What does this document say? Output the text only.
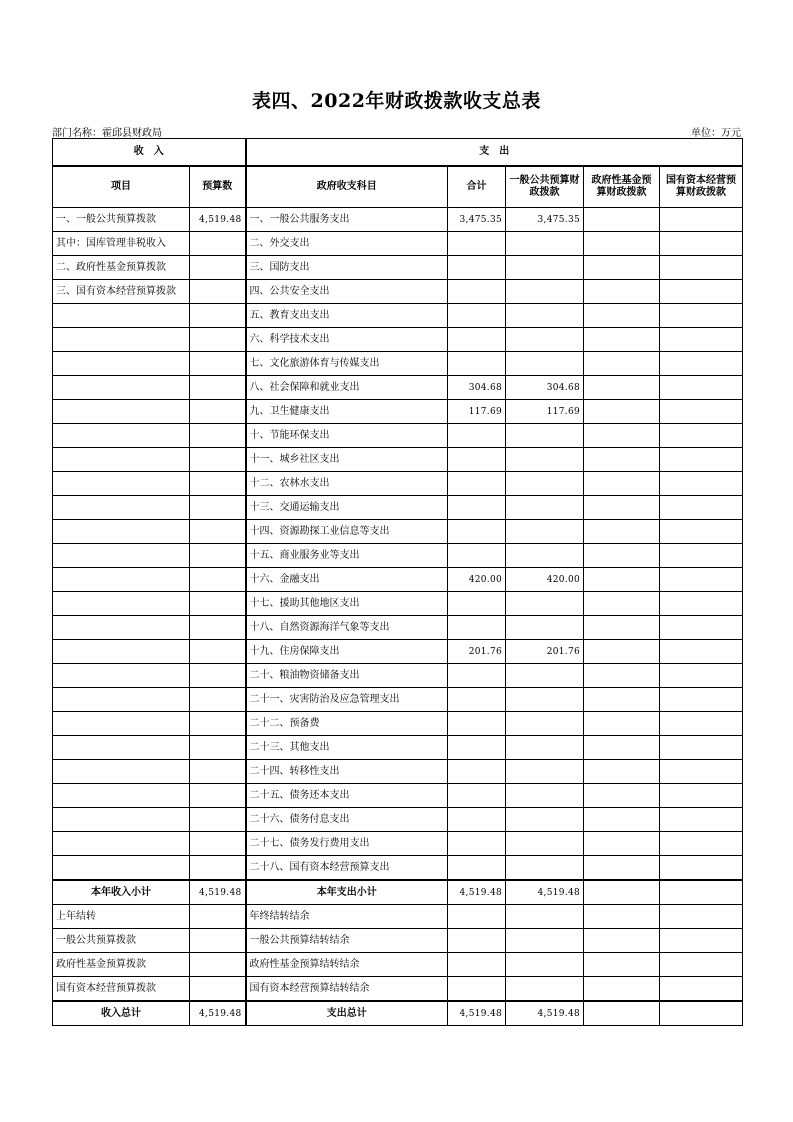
表四、2022年财政拨款收支总表
部门名称：霍邱县财政局	单位：万元
收　入		支　出				
项目	预算数	政府收支科目	合计	一般公共预算财政拨款	政府性基金预算财政拨款	国有资本经营预算财政拨款
一、一般公共预算拨款	4,519.48	一、一般公共服务支出	3,475.35	3,475.35		
其中：国库管理非税收入		二、外交支出				
二、政府性基金预算拨款		三、国防支出				
三、国有资本经营预算拨款		四、公共安全支出				
		五、教育支出支出				
		六、科学技术支出				
		七、文化旅游体育与传媒支出				
		八、社会保障和就业支出	304.68	304.68		
		九、卫生健康支出	117.69	117.69		
		十、节能环保支出				
		十一、城乡社区支出				
		十二、农林水支出				
		十三、交通运输支出				
		十四、资源勘探工业信息等支出				
		十五、商业服务业等支出				
		十六、金融支出	420.00	420.00		
		十七、援助其他地区支出				
		十八、自然资源海洋气象等支出				
		十九、住房保障支出	201.76	201.76		
		二十、粮油物资储备支出				
		二十一、灾害防治及应急管理支出				
		二十二、预备费				
		二十三、其他支出				
		二十四、转移性支出				
		二十五、债务还本支出				
		二十六、债务付息支出				
		二十七、债务发行费用支出				
		二十八、国有资本经营预算支出				
本年收入小计	4,519.48	本年支出小计	4,519.48	4,519.48		
上年结转		年终结转结余				
一般公共预算拨款		一般公共预算结转结余				
政府性基金预算拨款		政府性基金预算结转结余				
国有资本经营预算拨款		国有资本经营预算结转结余				
收入总计	4,519.48	支出总计	4,519.48	4,519.48		
